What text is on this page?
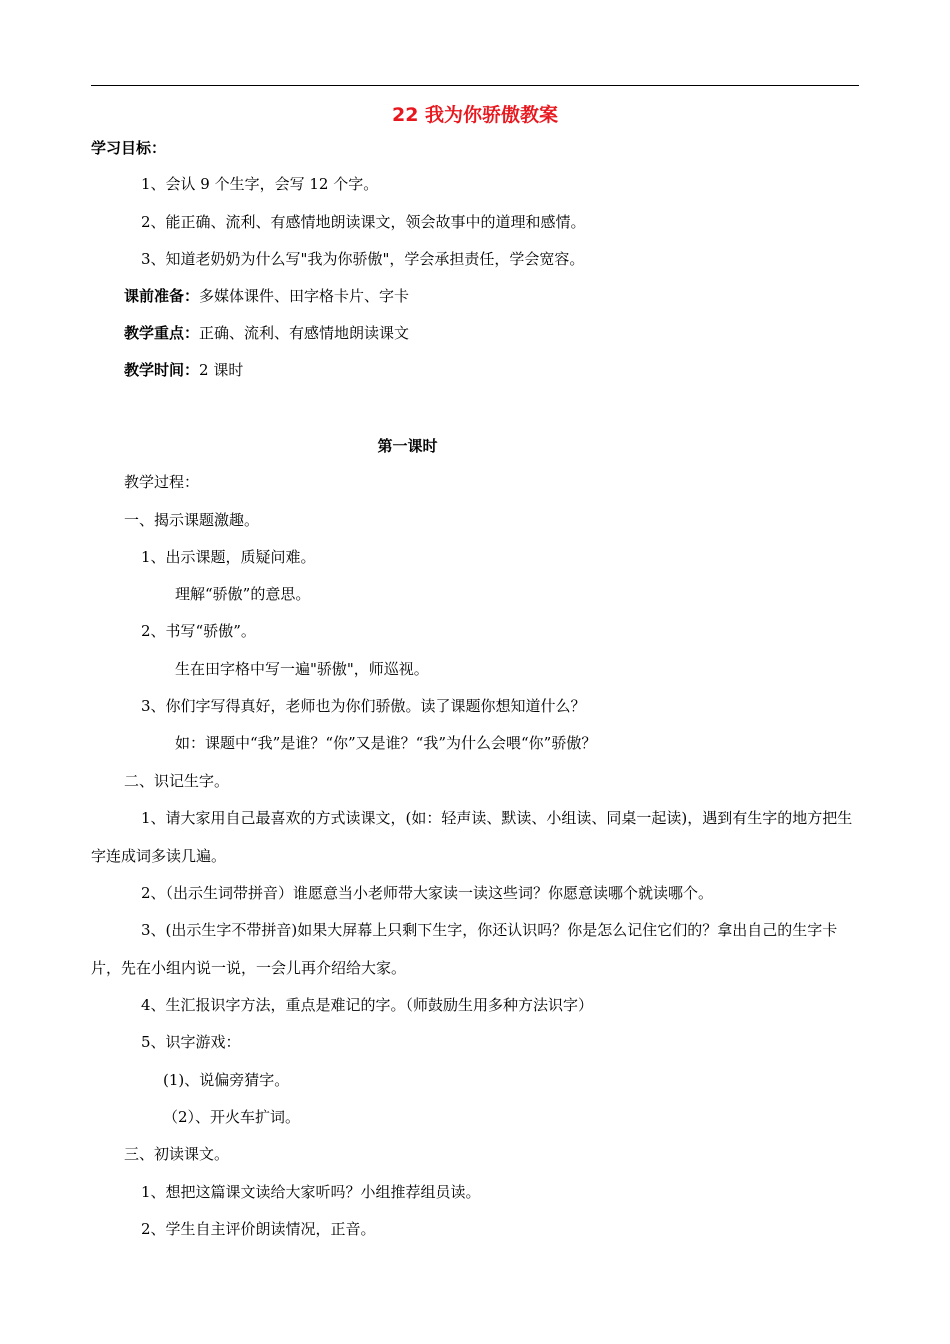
22 我为你骄傲教案
学习目标：
1、会认 9 个生字，会写 12 个字。
2、能正确、流利、有感情地朗读课文，领会故事中的道理和感情。
3、知道老奶奶为什么写"我为你骄傲"，学会承担责任，学会宽容。
课前准备：多媒体课件、田字格卡片、字卡
教学重点：正确、流利、有感情地朗读课文
教学时间：2 课时
第一课时
教学过程：
一、揭示课题激趣。
1、出示课题，质疑问难。
理解“骄傲”的意思。
2、书写“骄傲”。
生在田字格中写一遍"骄傲"，师巡视。
3、你们字写得真好，老师也为你们骄傲。读了课题你想知道什么？
如：课题中“我”是谁？“你”又是谁？“我”为什么会喂“你”骄傲？
二、识记生字。
1、请大家用自己最喜欢的方式读课文，(如：轻声读、默读、小组读、同桌一起读)，遇到有生字的地方把生字连成词多读几遍。
2、（出示生词带拼音）谁愿意当小老师带大家读一读这些词？你愿意读哪个就读哪个。
3、(出示生字不带拼音)如果大屏幕上只剩下生字，你还认识吗？你是怎么记住它们的？拿出自己的生字卡片，先在小组内说一说，一会儿再介绍给大家。
4、生汇报识字方法，重点是难记的字。（师鼓励生用多种方法识字）
5、识字游戏：
(1)、说偏旁猜字。
（2）、开火车扩词。
三、初读课文。
1、想把这篇课文读给大家听吗？小组推荐组员读。
2、学生自主评价朗读情况，正音。
